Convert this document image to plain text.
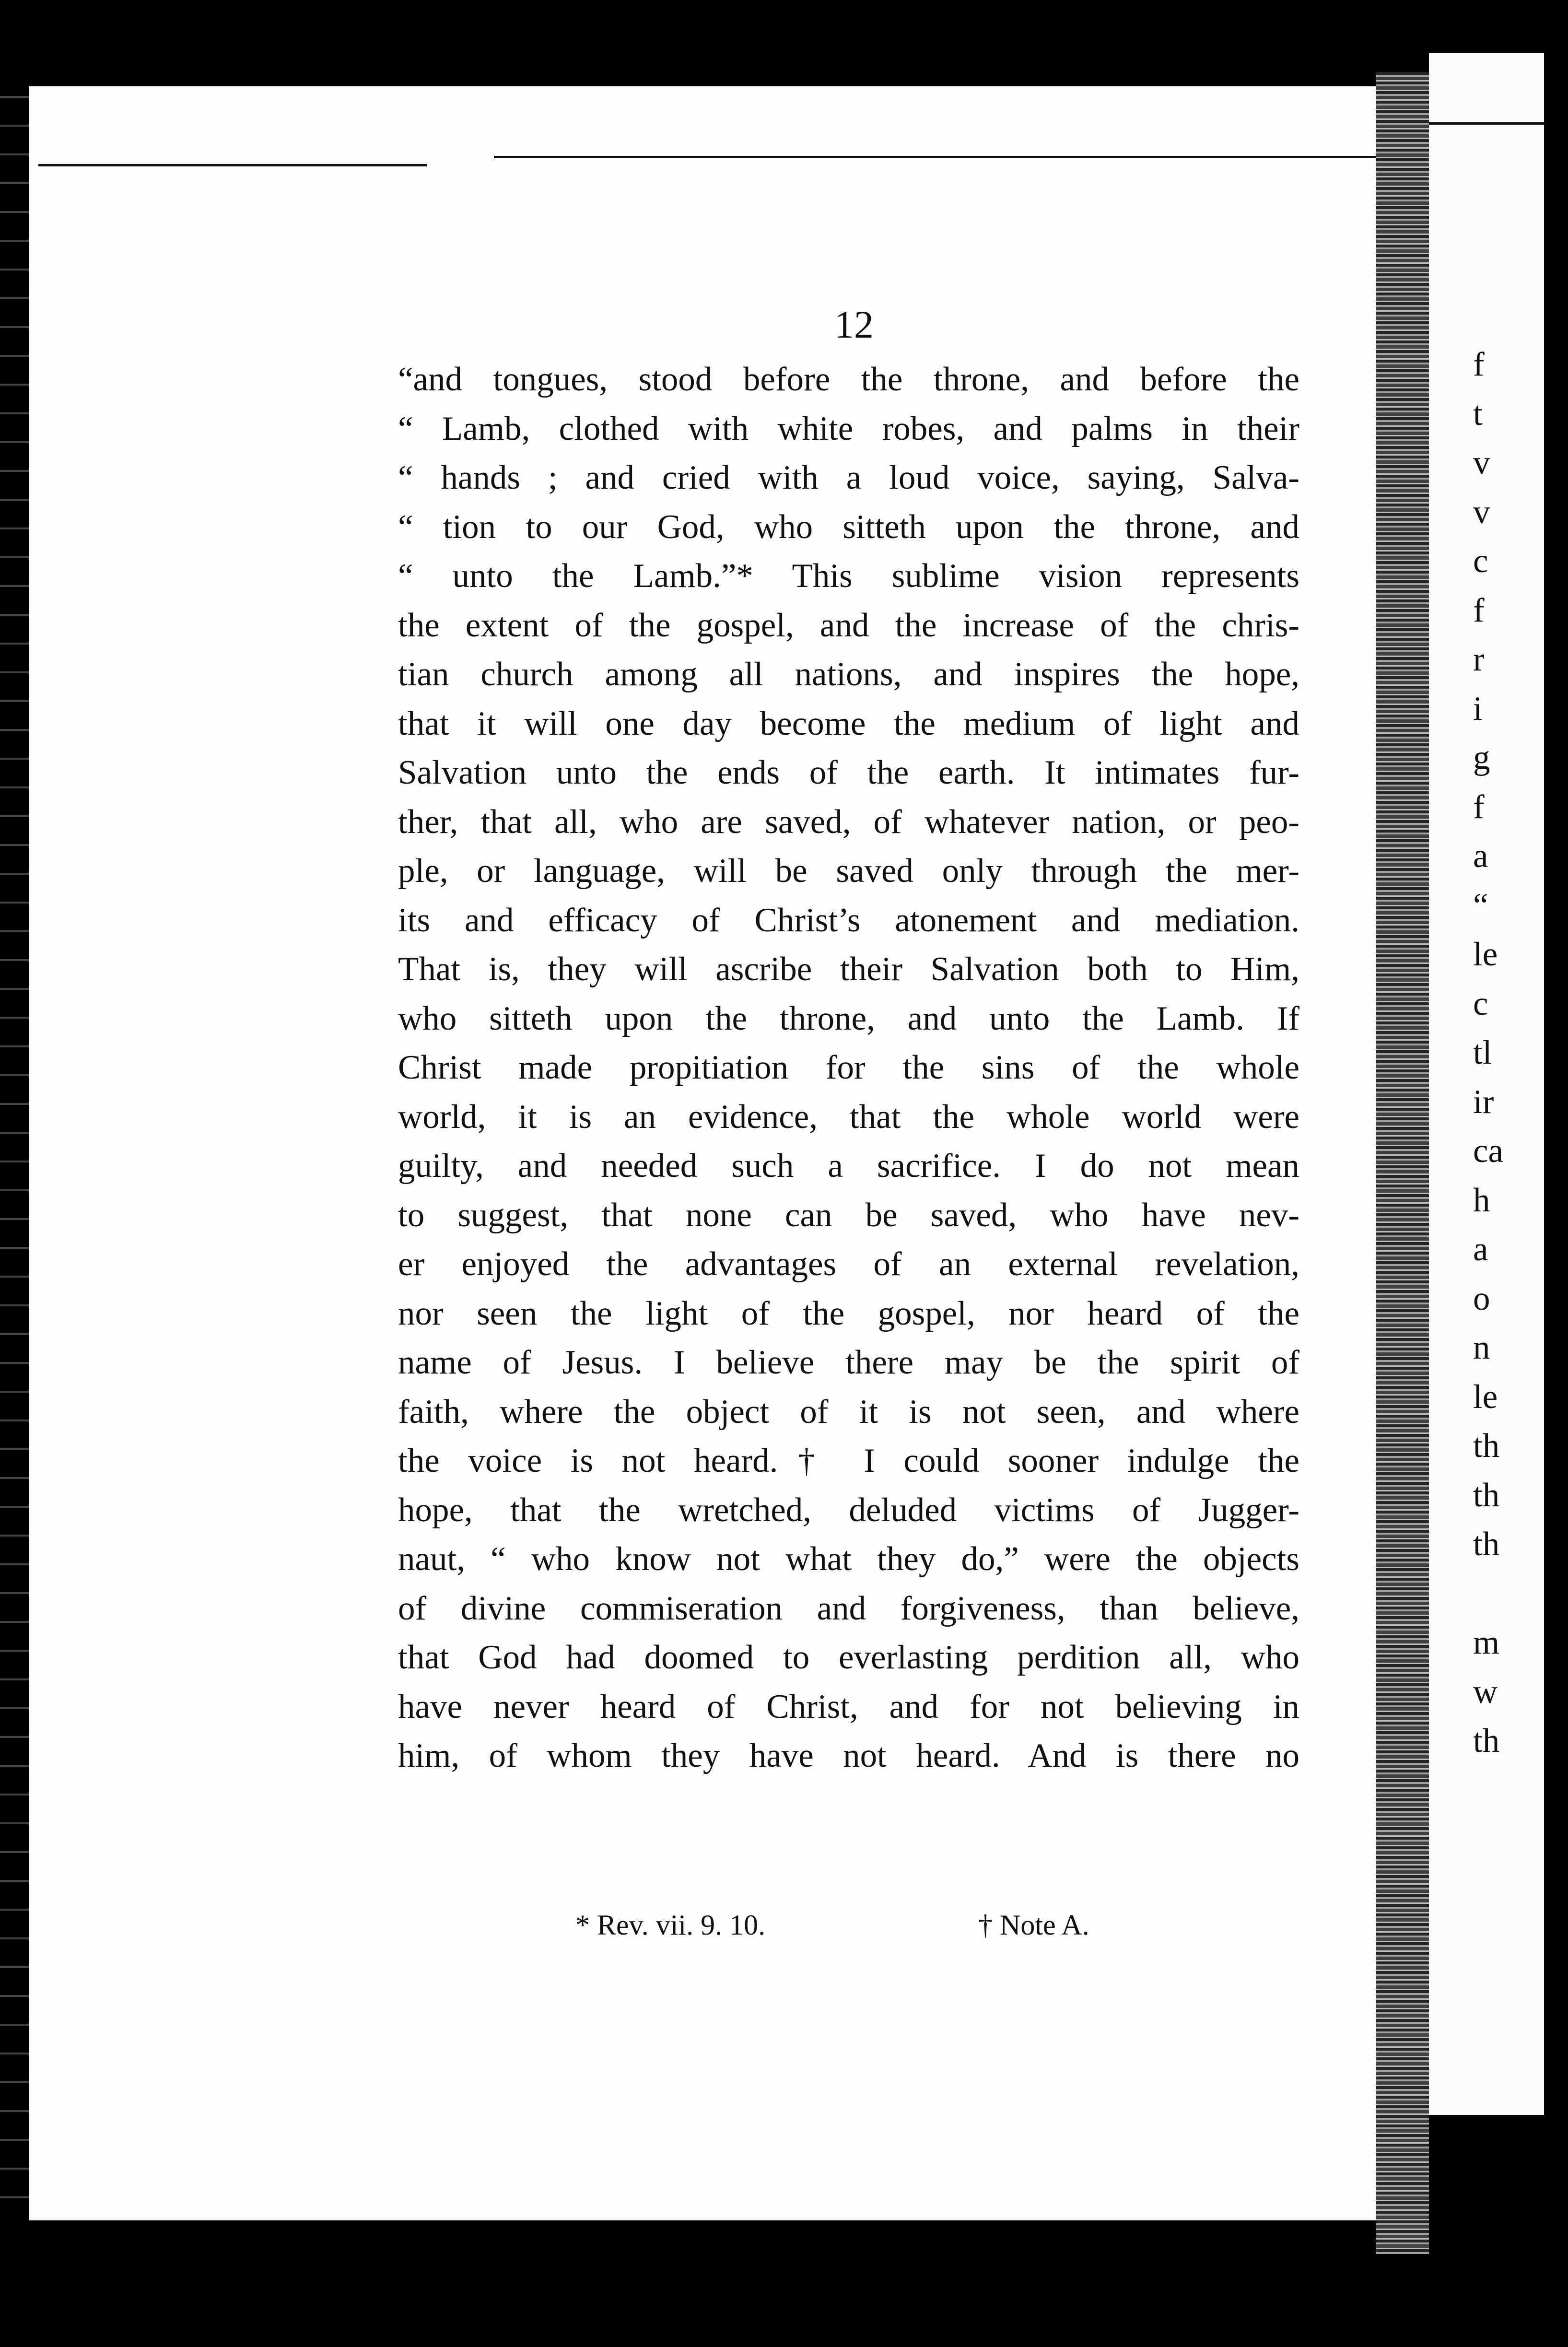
12
“and tongues, stood before the throne, and before the
“ Lamb, clothed with white robes, and palms in their
“ hands ; and cried with a loud voice, saying, Salva-
“ tion to our God, who sitteth upon the throne, and
“ unto the Lamb.”* This sublime vision represents
the extent of the gospel, and the increase of the chris-
tian church among all nations, and inspires the hope,
that it will one day become the medium of light and
Salvation unto the ends of the earth. It intimates fur-
ther, that all, who are saved, of whatever nation, or peo-
ple, or language, will be saved only through the mer-
its and efficacy of Christ’s atonement and mediation.
That is, they will ascribe their Salvation both to Him,
who sitteth upon the throne, and unto the Lamb. If
Christ made propitiation for the sins of the whole
world, it is an evidence, that the whole world were
guilty, and needed such a sacrifice. I do not mean
to suggest, that none can be saved, who have nev-
er enjoyed the advantages of an external revelation,
nor seen the light of the gospel, nor heard of the
name of Jesus. I believe there may be the spirit of
faith, where the object of it is not seen, and where
the voice is not heard.† I could sooner indulge the
hope, that the wretched, deluded victims of Jugger-
naut, “ who know not what they do,” were the objects
of divine commiseration and forgiveness, than believe,
that God had doomed to everlasting perdition all, who
have never heard of Christ, and for not believing in
him, of whom they have not heard. And is there no
* Rev. vii. 9. 10.	† Note A.
f
t
v
v
c
f
r
i
g
f
a
“
le
c
tl
ir
ca
h
a
o
n
le
th
th
th
m
w
th
